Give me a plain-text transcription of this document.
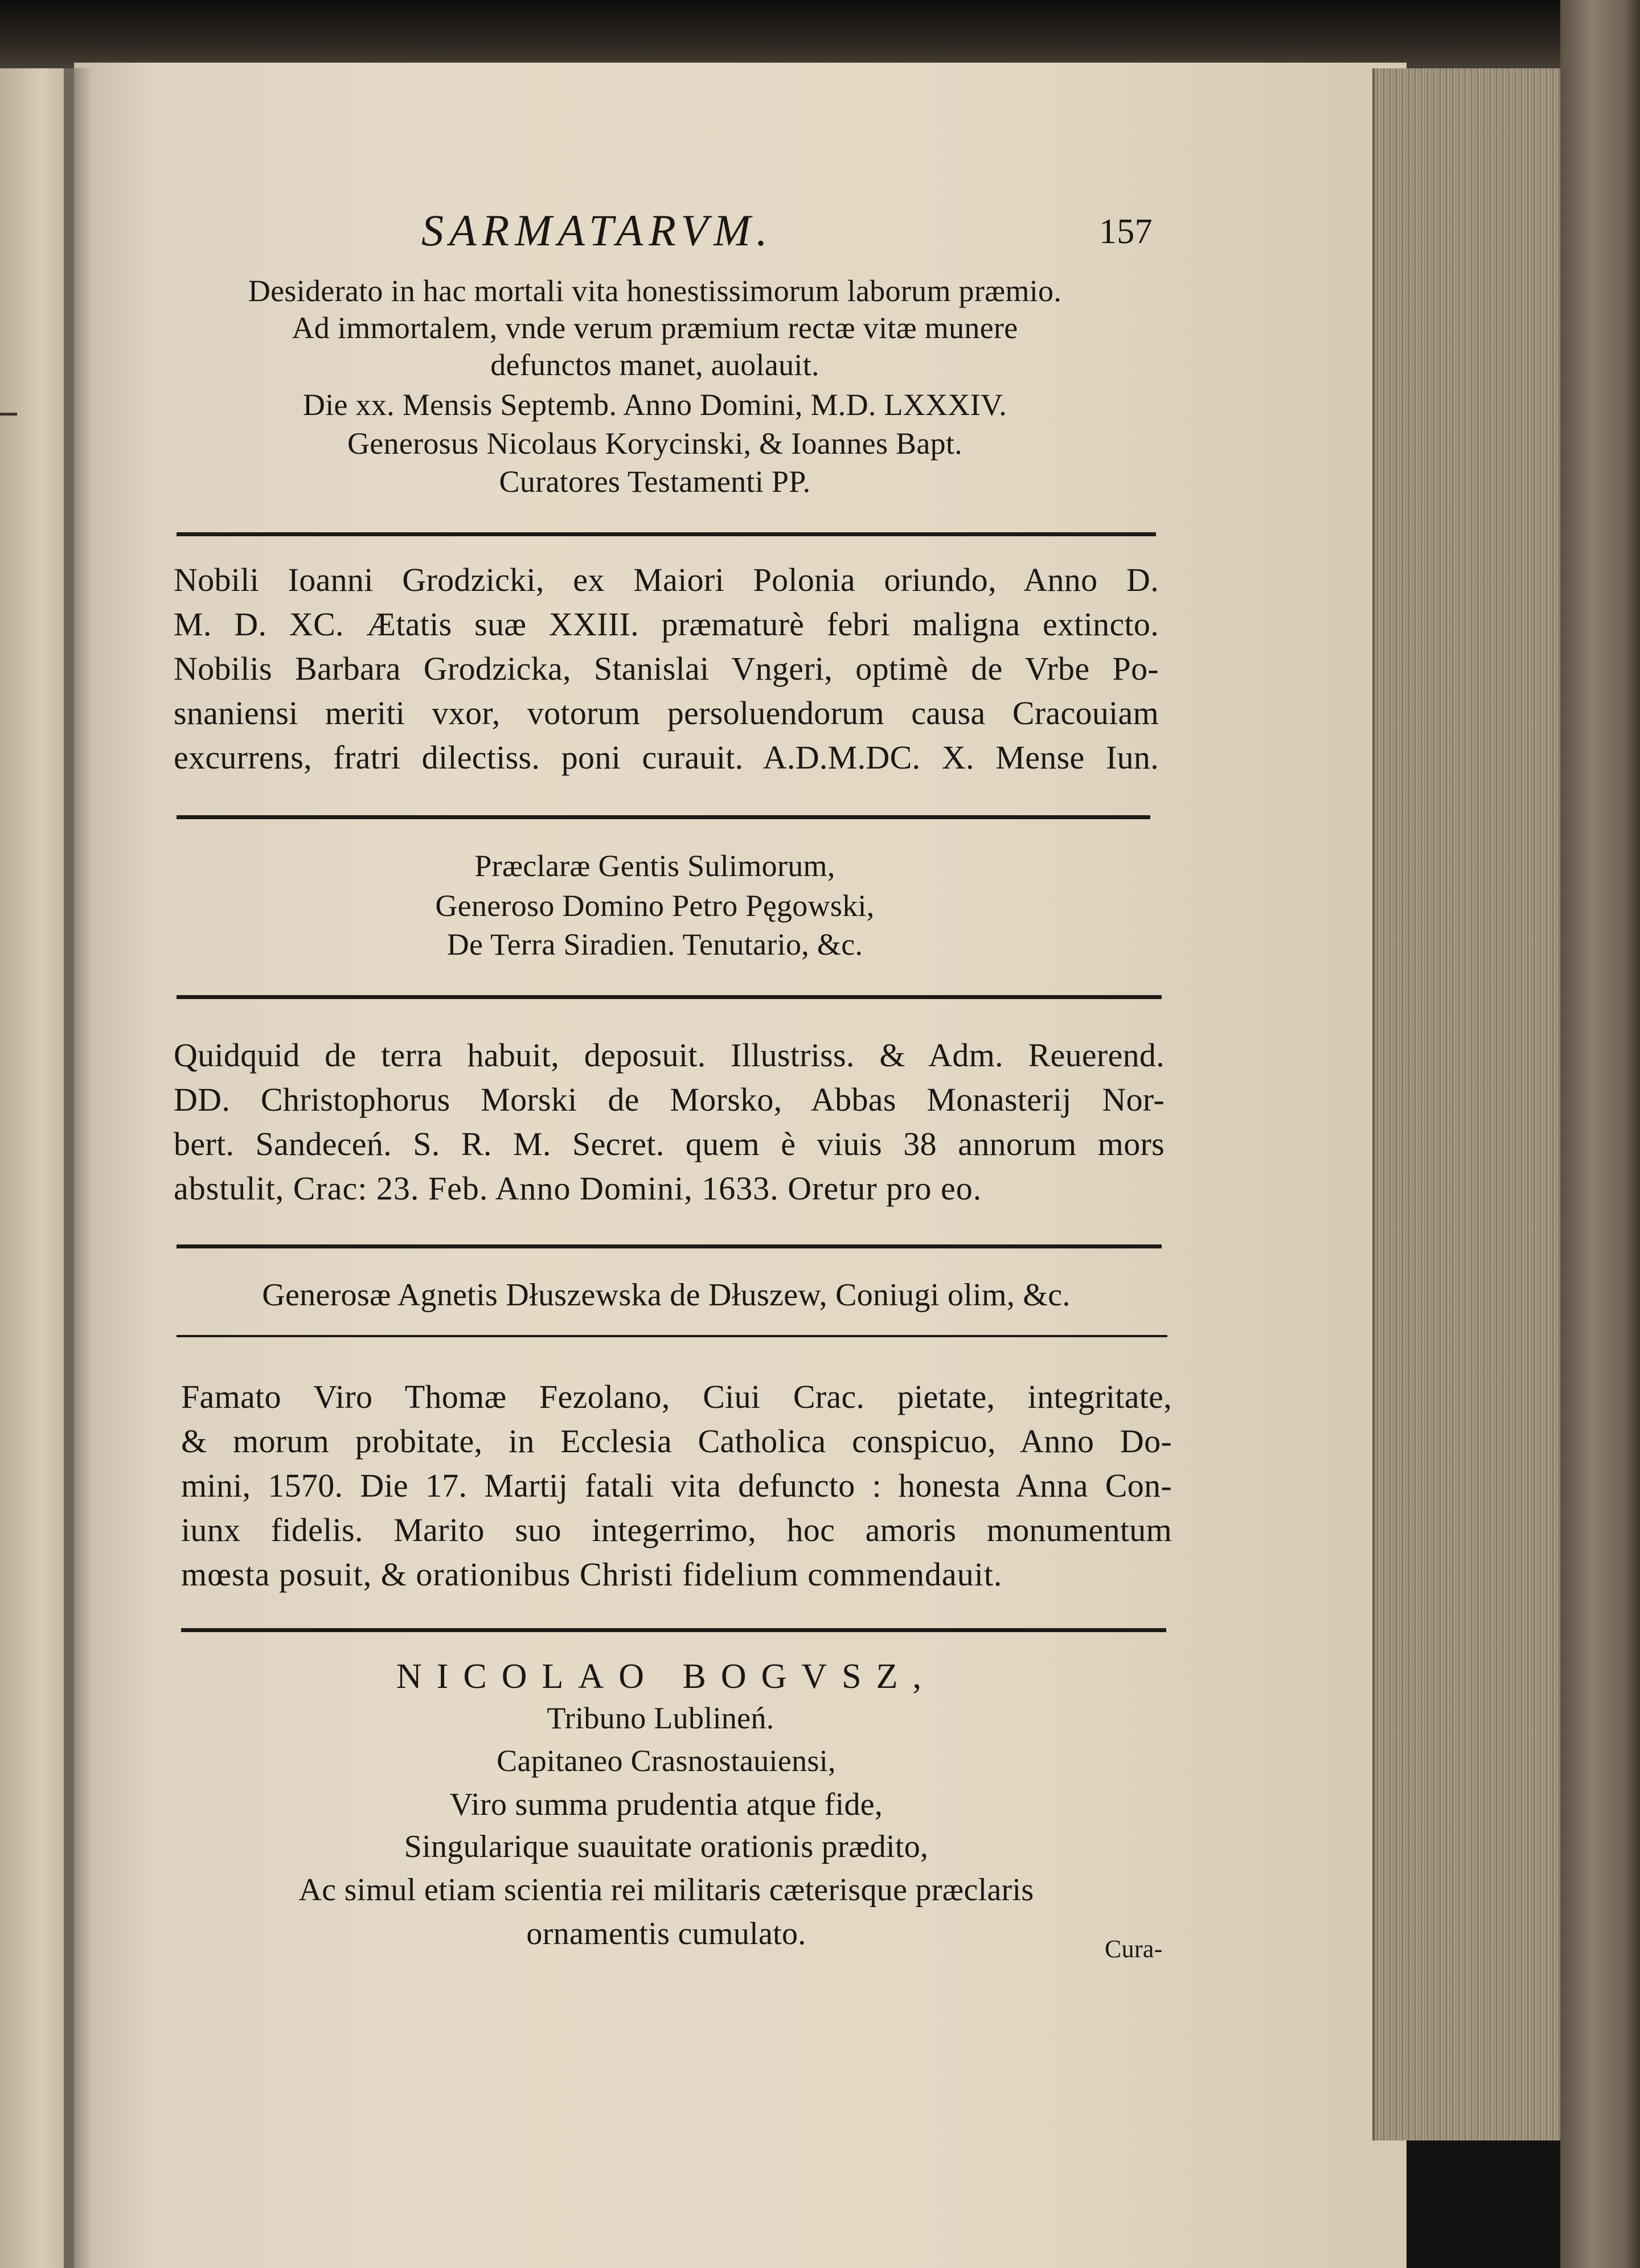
SARMATARVM.	157
Desiderato in hac mortali vita honestissimorum laborum præmio.
Ad immortalem, vnde verum præmium rectæ vitæ munere
defunctos manet, auolauit.
Die xx. Mensis Septemb. Anno Domini, M.D. LXXXIV.
Generosus Nicolaus Korycinski, & Ioannes Bapt.
Curatores Testamenti PP.
Nobili Ioanni Grodzicki, ex Maiori Polonia oriundo, Anno D.
M. D. XC. Ætatis suæ XXIII. præmaturè febri maligna extincto.
Nobilis Barbara Grodzicka, Stanislai Vngeri, optimè de Vrbe Po-
snaniensi meriti vxor, votorum persoluendorum causa Cracouiam
excurrens, fratri dilectiss. poni curauit. A.D.M.DC. X. Mense Iun.
Præclaræ Gentis Sulimorum,
Generoso Domino Petro Pęgowski,
De Terra Siradien. Tenutario, &c.
Quidquid de terra habuit, deposuit. Illustriss. & Adm. Reuerend.
DD. Christophorus Morski de Morsko, Abbas Monasterij Nor-
bert. Sandeceń. S. R. M. Secret. quem è viuis 38 annorum mors
abstulit, Crac: 23. Feb. Anno Domini, 1633. Oretur pro eo.
Generosæ Agnetis Dłuszewska de Dłuszew, Coniugi olim, &c.
Famato Viro Thomæ Fezolano, Ciui Crac. pietate, integritate,
& morum probitate, in Ecclesia Catholica conspicuo, Anno Do-
mini, 1570. Die 17. Martij fatali vita defuncto : honesta Anna Con-
iunx fidelis. Marito suo integerrimo, hoc amoris monumentum
mœsta posuit, & orationibus Christi fidelium commendauit.
NICOLAO BOGVSZ,
Tribuno Lublineń.
Capitaneo Crasnostauiensi,
Viro summa prudentia atque fide,
Singularique suauitate orationis prædito,
Ac simul etiam scientia rei militaris cæterisque præclaris
ornamentis cumulato.	Cura-
